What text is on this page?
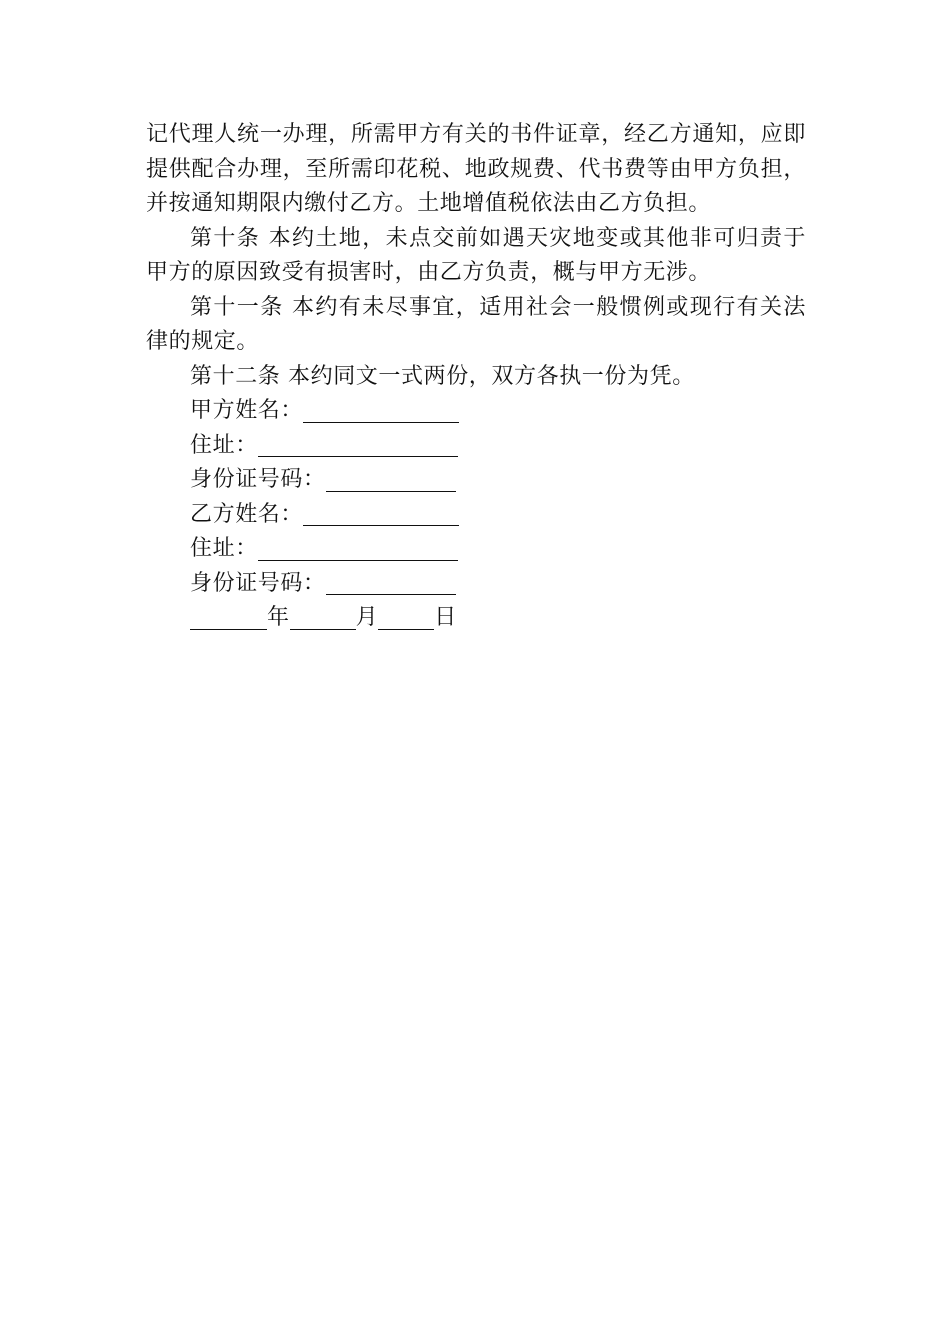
记代理人统一办理，所需甲方有关的书件证章，经乙方通知，应即提供配合办理，至所需印花税、地政规费、代书费等由甲方负担，并按通知期限内缴付乙方。土地增值税依法由乙方负担。

第十条 本约土地，未点交前如遇天灾地变或其他非可归责于甲方的原因致受有损害时，由乙方负责，概与甲方无涉。

第十一条 本约有未尽事宜，适用社会一般惯例或现行有关法律的规定。

第十二条 本约同文一式两份，双方各执一份为凭。

甲方姓名：
住址：
身份证号码：
乙方姓名：
住址：
身份证号码：
年	月	日
